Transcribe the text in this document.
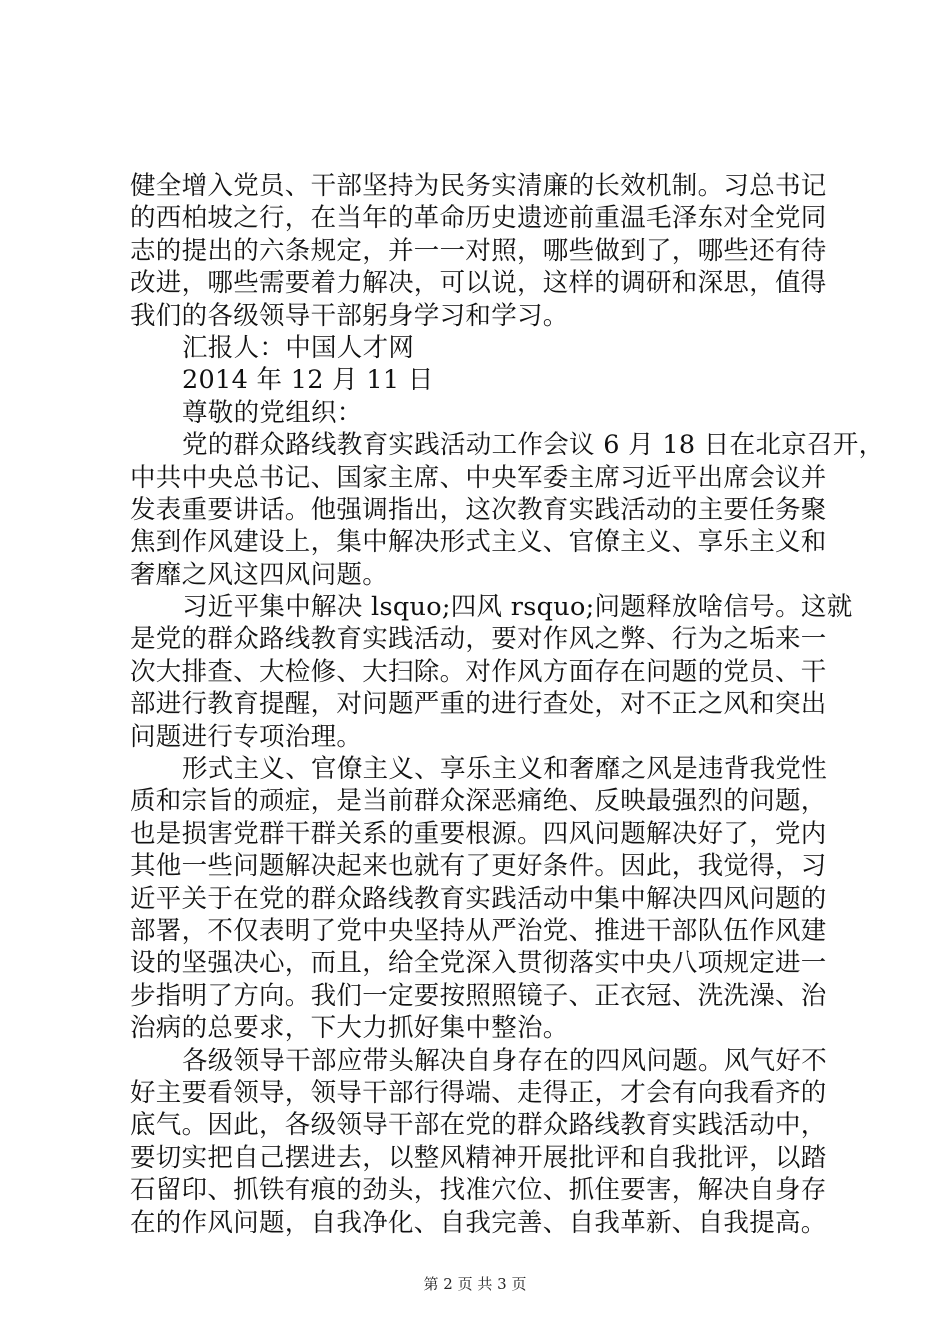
健全增入党员、干部坚持为民务实清廉的长效机制。习总书记
的西柏坡之行，在当年的革命历史遗迹前重温毛泽东对全党同
志的提出的六条规定，并一一对照，哪些做到了，哪些还有待
改进，哪些需要着力解决，可以说，这样的调研和深思，值得
我们的各级领导干部躬身学习和学习。
汇报人：中国人才网
2014 年 12 月 11 日
尊敬的党组织：
党的群众路线教育实践活动工作会议 6 月 18 日在北京召开，
中共中央总书记、国家主席、中央军委主席习近平出席会议并
发表重要讲话。他强调指出，这次教育实践活动的主要任务聚
焦到作风建设上，集中解决形式主义、官僚主义、享乐主义和
奢靡之风这四风问题。
习近平集中解决 lsquo;四风 rsquo;问题释放啥信号。这就
是党的群众路线教育实践活动，要对作风之弊、行为之垢来一
次大排查、大检修、大扫除。对作风方面存在问题的党员、干
部进行教育提醒，对问题严重的进行查处，对不正之风和突出
问题进行专项治理。
形式主义、官僚主义、享乐主义和奢靡之风是违背我党性
质和宗旨的顽症，是当前群众深恶痛绝、反映最强烈的问题，
也是损害党群干群关系的重要根源。四风问题解决好了，党内
其他一些问题解决起来也就有了更好条件。因此，我觉得，习
近平关于在党的群众路线教育实践活动中集中解决四风问题的
部署，不仅表明了党中央坚持从严治党、推进干部队伍作风建
设的坚强决心，而且，给全党深入贯彻落实中央八项规定进一
步指明了方向。我们一定要按照照镜子、正衣冠、洗洗澡、治
治病的总要求，下大力抓好集中整治。
各级领导干部应带头解决自身存在的四风问题。风气好不
好主要看领导，领导干部行得端、走得正，才会有向我看齐的
底气。因此，各级领导干部在党的群众路线教育实践活动中，
要切实把自己摆进去，以整风精神开展批评和自我批评，以踏
石留印、抓铁有痕的劲头，找准穴位、抓住要害，解决自身存
在的作风问题，自我净化、自我完善、自我革新、自我提高。
第 2 页 共 3 页
